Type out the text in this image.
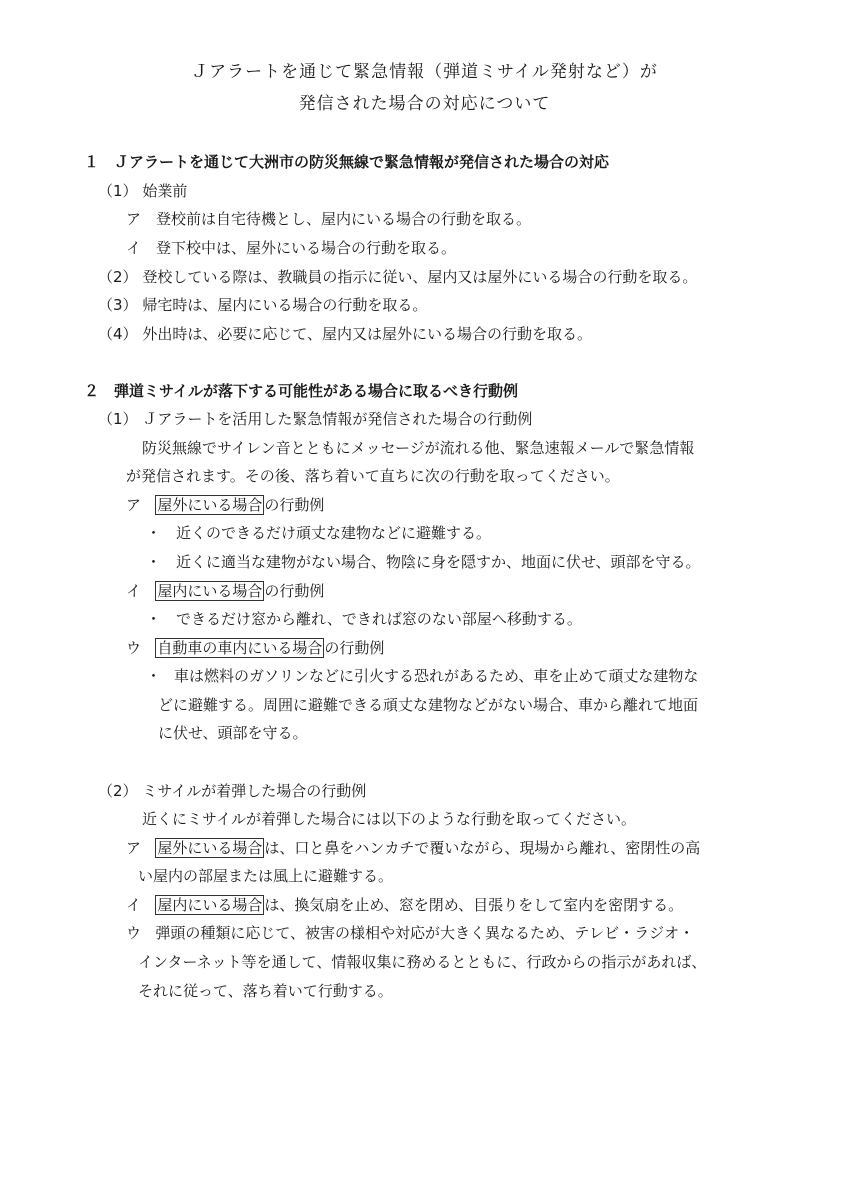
Ｊアラートを通じて緊急情報（弾道ミサイル発射など）が
発信された場合の対応について
１　Ｊアラートを通じて大洲市の防災無線で緊急情報が発信された場合の対応
（1） 始業前
ア　登校前は自宅待機とし、屋内にいる場合の行動を取る。
イ　登下校中は、屋外にいる場合の行動を取る。
（2） 登校している際は、教職員の指示に従い、屋内又は屋外にいる場合の行動を取る。
（3） 帰宅時は、屋内にいる場合の行動を取る。
（4） 外出時は、必要に応じて、屋内又は屋外にいる場合の行動を取る。
２　弾道ミサイルが落下する可能性がある場合に取るべき行動例
（1） Ｊアラートを活用した緊急情報が発信された場合の行動例
防災無線でサイレン音とともにメッセージが流れる他、緊急速報メールで緊急情報
が発信されます。その後、落ち着いて直ちに次の行動を取ってください。
ア 屋外にいる場合 の行動例
・　近くのできるだけ頑丈な建物などに避難する。
・　近くに適当な建物がない場合、物陰に身を隠すか、地面に伏せ、頭部を守る。
イ 屋内にいる場合 の行動例
・　できるだけ窓から離れ、できれば窓のない部屋へ移動する。
ウ 自動車の車内にいる場合 の行動例
・ 車は燃料のガソリンなどに引火する恐れがあるため、車を止めて頑丈な建物な
どに避難する。周囲に避難できる頑丈な建物などがない場合、車から離れて地面
に伏せ、頭部を守る。
（2） ミサイルが着弾した場合の行動例
近くにミサイルが着弾した場合には以下のような行動を取ってください。
ア 屋外にいる場合 は、口と鼻をハンカチで覆いながら、現場から離れ、密閉性の高
い屋内の部屋または風上に避難する。
イ 屋内にいる場合 は、換気扇を止め、窓を閉め、目張りをして室内を密閉する。
ウ 弾頭の種類に応じて、被害の様相や対応が大きく異なるため、テレビ・ラジオ・
インターネット等を通して、情報収集に務めるとともに、行政からの指示があれば、
それに従って、落ち着いて行動する。
